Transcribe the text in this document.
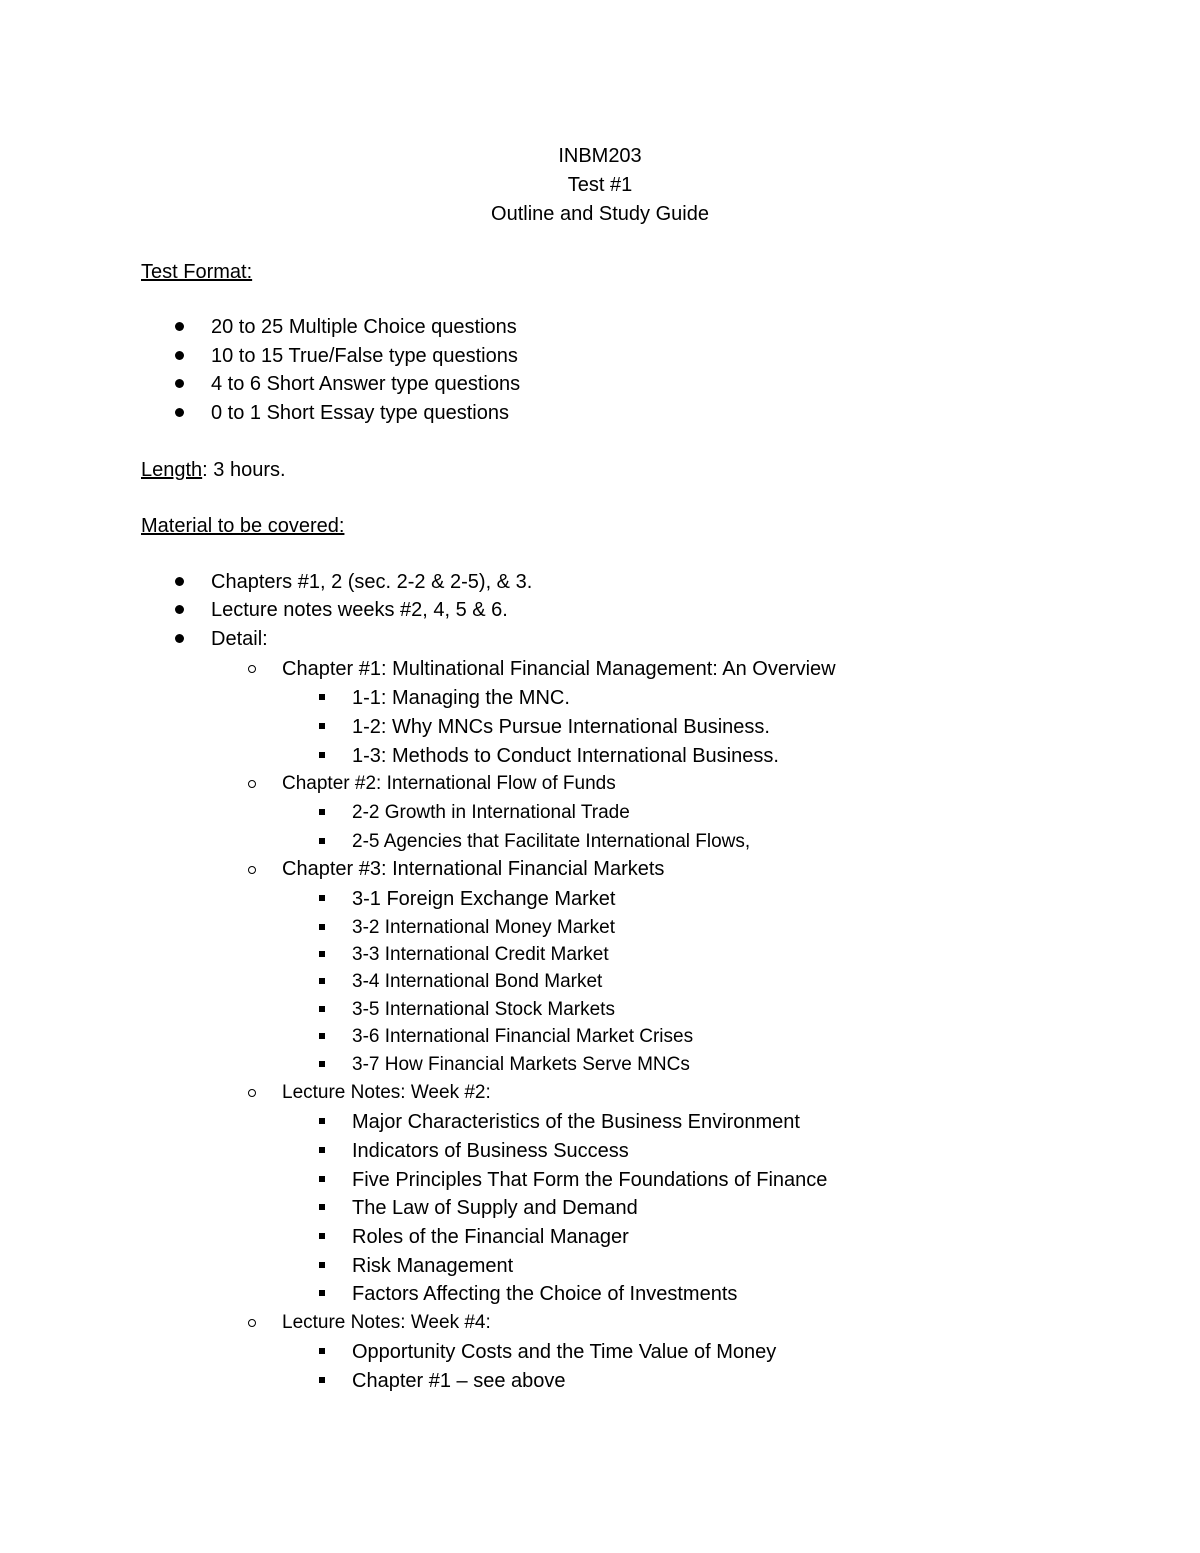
INBM203
Test #1
Outline and Study Guide
Test Format:
20 to 25 Multiple Choice questions
10 to 15 True/False type questions
4 to 6 Short Answer type questions
0 to 1 Short Essay type questions
Length: 3 hours.
Material to be covered:
Chapters #1, 2 (sec. 2-2 & 2-5), & 3.
Lecture notes weeks #2, 4, 5 & 6.
Detail:
Chapter #1: Multinational Financial Management: An Overview
1-1: Managing the MNC.
1-2: Why MNCs Pursue International Business.
1-3: Methods to Conduct International Business.
Chapter #2: International Flow of Funds
2-2 Growth in International Trade
2-5 Agencies that Facilitate International Flows,
Chapter #3: International Financial Markets
3-1 Foreign Exchange Market
3-2 International Money Market
3-3 International Credit Market
3-4 International Bond Market
3-5 International Stock Markets
3-6 International Financial Market Crises
3-7 How Financial Markets Serve MNCs
Lecture Notes: Week #2:
Major Characteristics of the Business Environment
Indicators of Business Success
Five Principles That Form the Foundations of Finance
The Law of Supply and Demand
Roles of the Financial Manager
Risk Management
Factors Affecting the Choice of Investments
Lecture Notes: Week #4:
Opportunity Costs and the Time Value of Money
Chapter #1 – see above
